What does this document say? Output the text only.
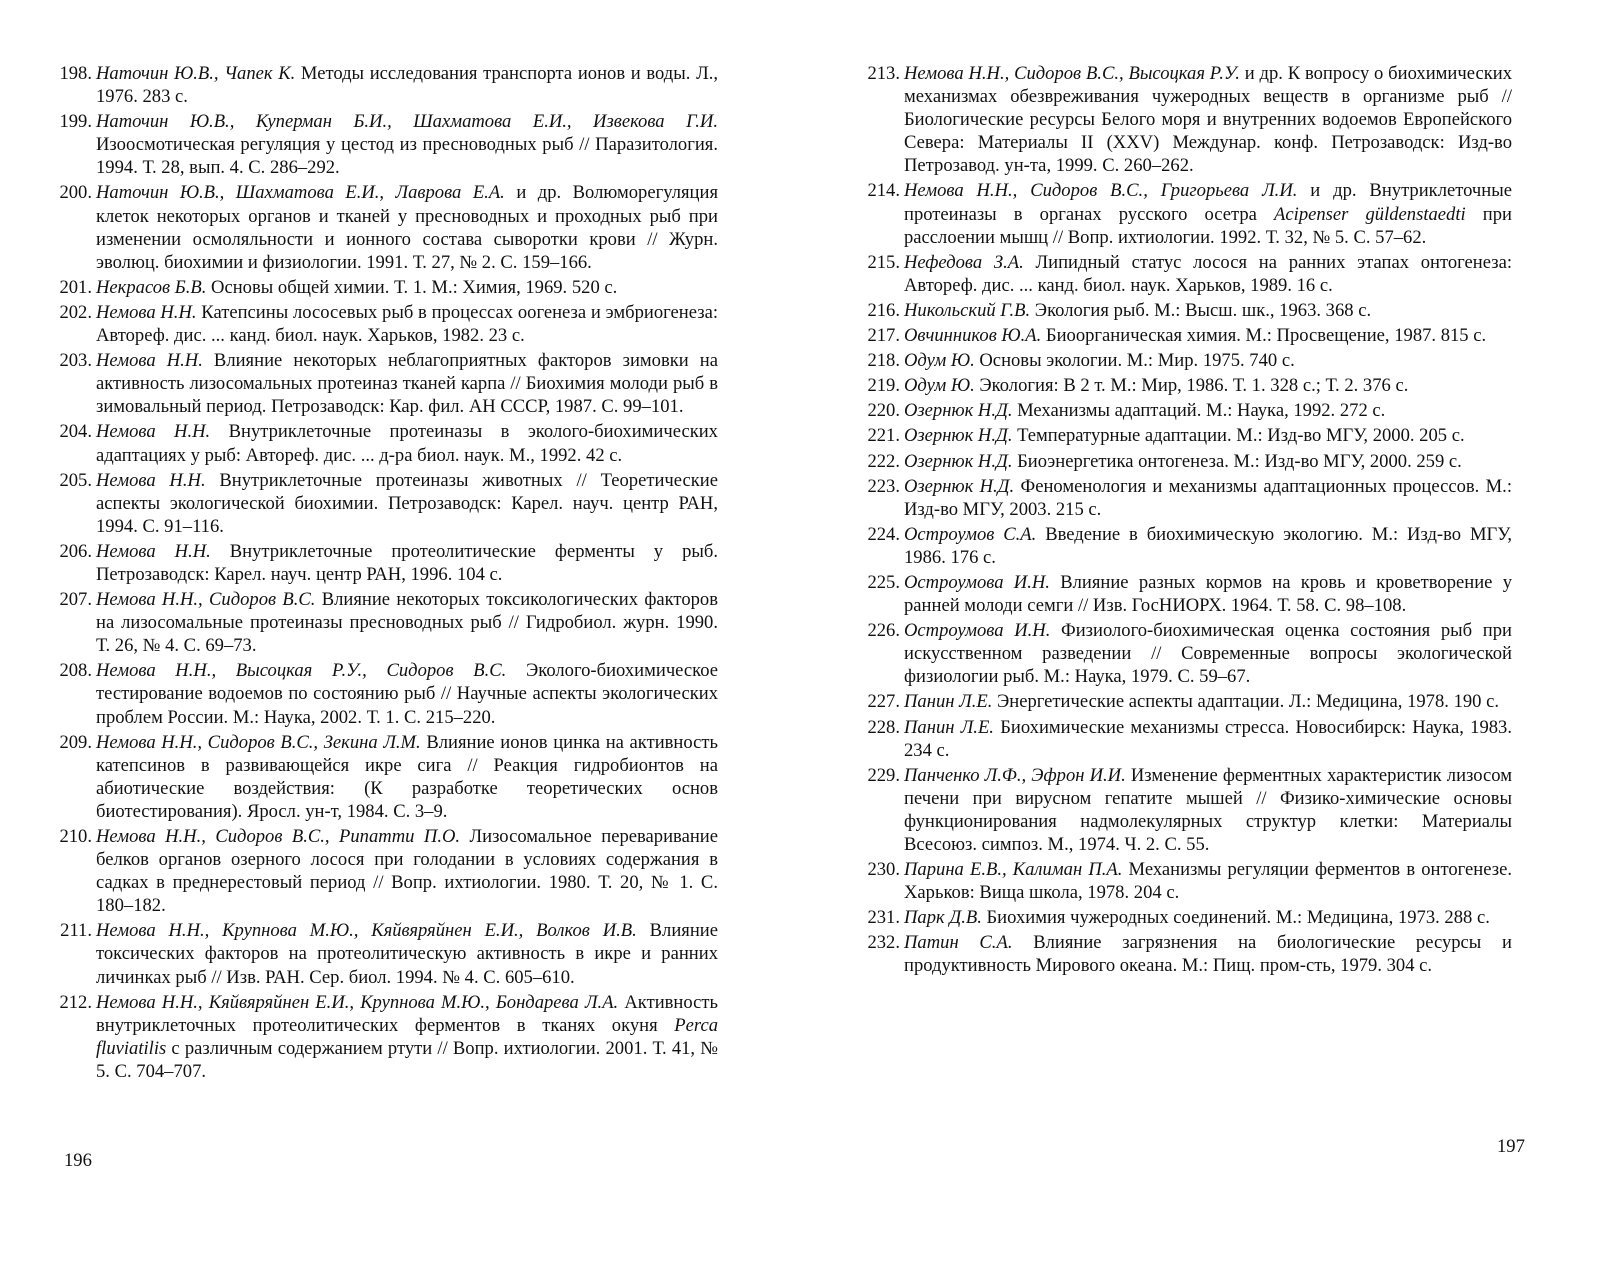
198. Наточин Ю.В., Чапек К. Методы исследования транспорта ионов и воды. Л., 1976. 283 с.
199. Наточин Ю.В., Куперман Б.И., Шахматова Е.И., Извекова Г.И. Изоосмотическая регуляция у цестод из пресноводных рыб // Паразитология. 1994. Т. 28, вып. 4. С. 286–292.
200. Наточин Ю.В., Шахматова Е.И., Лаврова Е.А. и др. Волюморегуляция клеток некоторых органов и тканей у пресноводных и проходных рыб при изменении осмоляльности и ионного состава сыворотки крови // Журн. эволюц. биохимии и физиологии. 1991. Т. 27, № 2. С. 159–166.
201. Некрасов Б.В. Основы общей химии. Т. 1. М.: Химия, 1969. 520 с.
202. Немова Н.Н. Катепсины лососевых рыб в процессах оогенеза и эмбриогенеза: Автореф. дис. ... канд. биол. наук. Харьков, 1982. 23 с.
203. Немова Н.Н. Влияние некоторых неблагоприятных факторов зимовки на активность лизосомальных протеиназ тканей карпа // Биохимия молоди рыб в зимовальный период. Петрозаводск: Кар. фил. АН СССР, 1987. С. 99–101.
204. Немова Н.Н. Внутриклеточные протеиназы в эколого-биохимических адаптациях у рыб: Автореф. дис. ... д-ра биол. наук. М., 1992. 42 с.
205. Немова Н.Н. Внутриклеточные протеиназы животных // Теоретические аспекты экологической биохимии. Петрозаводск: Карел. науч. центр РАН, 1994. С. 91–116.
206. Немова Н.Н. Внутриклеточные протеолитические ферменты у рыб. Петрозаводск: Карел. науч. центр РАН, 1996. 104 с.
207. Немова Н.Н., Сидоров В.С. Влияние некоторых токсикологических факторов на лизосомальные протеиназы пресноводных рыб // Гидробиол. журн. 1990. Т. 26, № 4. С. 69–73.
208. Немова Н.Н., Высоцкая Р.У., Сидоров В.С. Эколого-биохимическое тестирование водоемов по состоянию рыб // Научные аспекты экологических проблем России. М.: Наука, 2002. Т. 1. С. 215–220.
209. Немова Н.Н., Сидоров В.С., Зекина Л.М. Влияние ионов цинка на активность катепсинов в развивающейся икре сига // Реакция гидробионтов на абиотические воздействия: (К разработке теоретических основ биотестирования). Яросл. ун-т, 1984. С. 3–9.
210. Немова Н.Н., Сидоров В.С., Рипатти П.О. Лизосомальное переваривание белков органов озерного лосося при голодании в условиях содержания в садках в преднерестовый период // Вопр. ихтиологии. 1980. Т. 20, № 1. С. 180–182.
211. Немова Н.Н., Крупнова М.Ю., Кяйвяряйнен Е.И., Волков И.В. Влияние токсических факторов на протеолитическую активность в икре и ранних личинках рыб // Изв. РАН. Сер. биол. 1994. № 4. С. 605–610.
212. Немова Н.Н., Кяйвяряйнен Е.И., Крупнова М.Ю., Бондарева Л.А. Активность внутриклеточных протеолитических ферментов в тканях окуня Perca fluviatilis с различным содержанием ртути // Вопр. ихтиологии. 2001. Т. 41, № 5. С. 704–707.
213. Немова Н.Н., Сидоров В.С., Высоцкая Р.У. и др. К вопросу о биохимических механизмах обезвреживания чужеродных веществ в организме рыб // Биологические ресурсы Белого моря и внутренних водоемов Европейского Севера: Материалы II (XXV) Междунар. конф. Петрозаводск: Изд-во Петрозавод. ун-та, 1999. С. 260–262.
214. Немова Н.Н., Сидоров В.С., Григорьева Л.И. и др. Внутриклеточные протеиназы в органах русского осетра Acipenser güldenstaedti при расслоении мышц // Вопр. ихтиологии. 1992. Т. 32, № 5. С. 57–62.
215. Нефедова З.А. Липидный статус лосося на ранних этапах онтогенеза: Автореф. дис. ... канд. биол. наук. Харьков, 1989. 16 с.
216. Никольский Г.В. Экология рыб. М.: Высш. шк., 1963. 368 с.
217. Овчинников Ю.А. Биоорганическая химия. М.: Просвещение, 1987. 815 с.
218. Одум Ю. Основы экологии. М.: Мир. 1975. 740 с.
219. Одум Ю. Экология: В 2 т. М.: Мир, 1986. Т. 1. 328 с.; Т. 2. 376 с.
220. Озернюк Н.Д. Механизмы адаптаций. М.: Наука, 1992. 272 с.
221. Озернюк Н.Д. Температурные адаптации. М.: Изд-во МГУ, 2000. 205 с.
222. Озернюк Н.Д. Биоэнергетика онтогенеза. М.: Изд-во МГУ, 2000. 259 с.
223. Озернюк Н.Д. Феноменология и механизмы адаптационных процессов. М.: Изд-во МГУ, 2003. 215 с.
224. Остроумов С.А. Введение в биохимическую экологию. М.: Изд-во МГУ, 1986. 176 с.
225. Остроумова И.Н. Влияние разных кормов на кровь и кроветворение у ранней молоди семги // Изв. ГосНИОРХ. 1964. Т. 58. С. 98–108.
226. Остроумова И.Н. Физиолого-биохимическая оценка состояния рыб при искусственном разведении // Современные вопросы экологической физиологии рыб. М.: Наука, 1979. С. 59–67.
227. Панин Л.Е. Энергетические аспекты адаптации. Л.: Медицина, 1978. 190 с.
228. Панин Л.Е. Биохимические механизмы стресса. Новосибирск: Наука, 1983. 234 с.
229. Панченко Л.Ф., Эфрон И.И. Изменение ферментных характеристик лизосом печени при вирусном гепатите мышей // Физико-химические основы функционирования надмолекулярных структур клетки: Материалы Всесоюз. симпоз. М., 1974. Ч. 2. С. 55.
230. Парина Е.В., Калиман П.А. Механизмы регуляции ферментов в онтогенезе. Харьков: Вища школа, 1978. 204 с.
231. Парк Д.В. Биохимия чужеродных соединений. М.: Медицина, 1973. 288 с.
232. Патин С.А. Влияние загрязнения на биологические ресурсы и продуктивность Мирового океана. М.: Пищ. пром-сть, 1979. 304 с.
196
197
